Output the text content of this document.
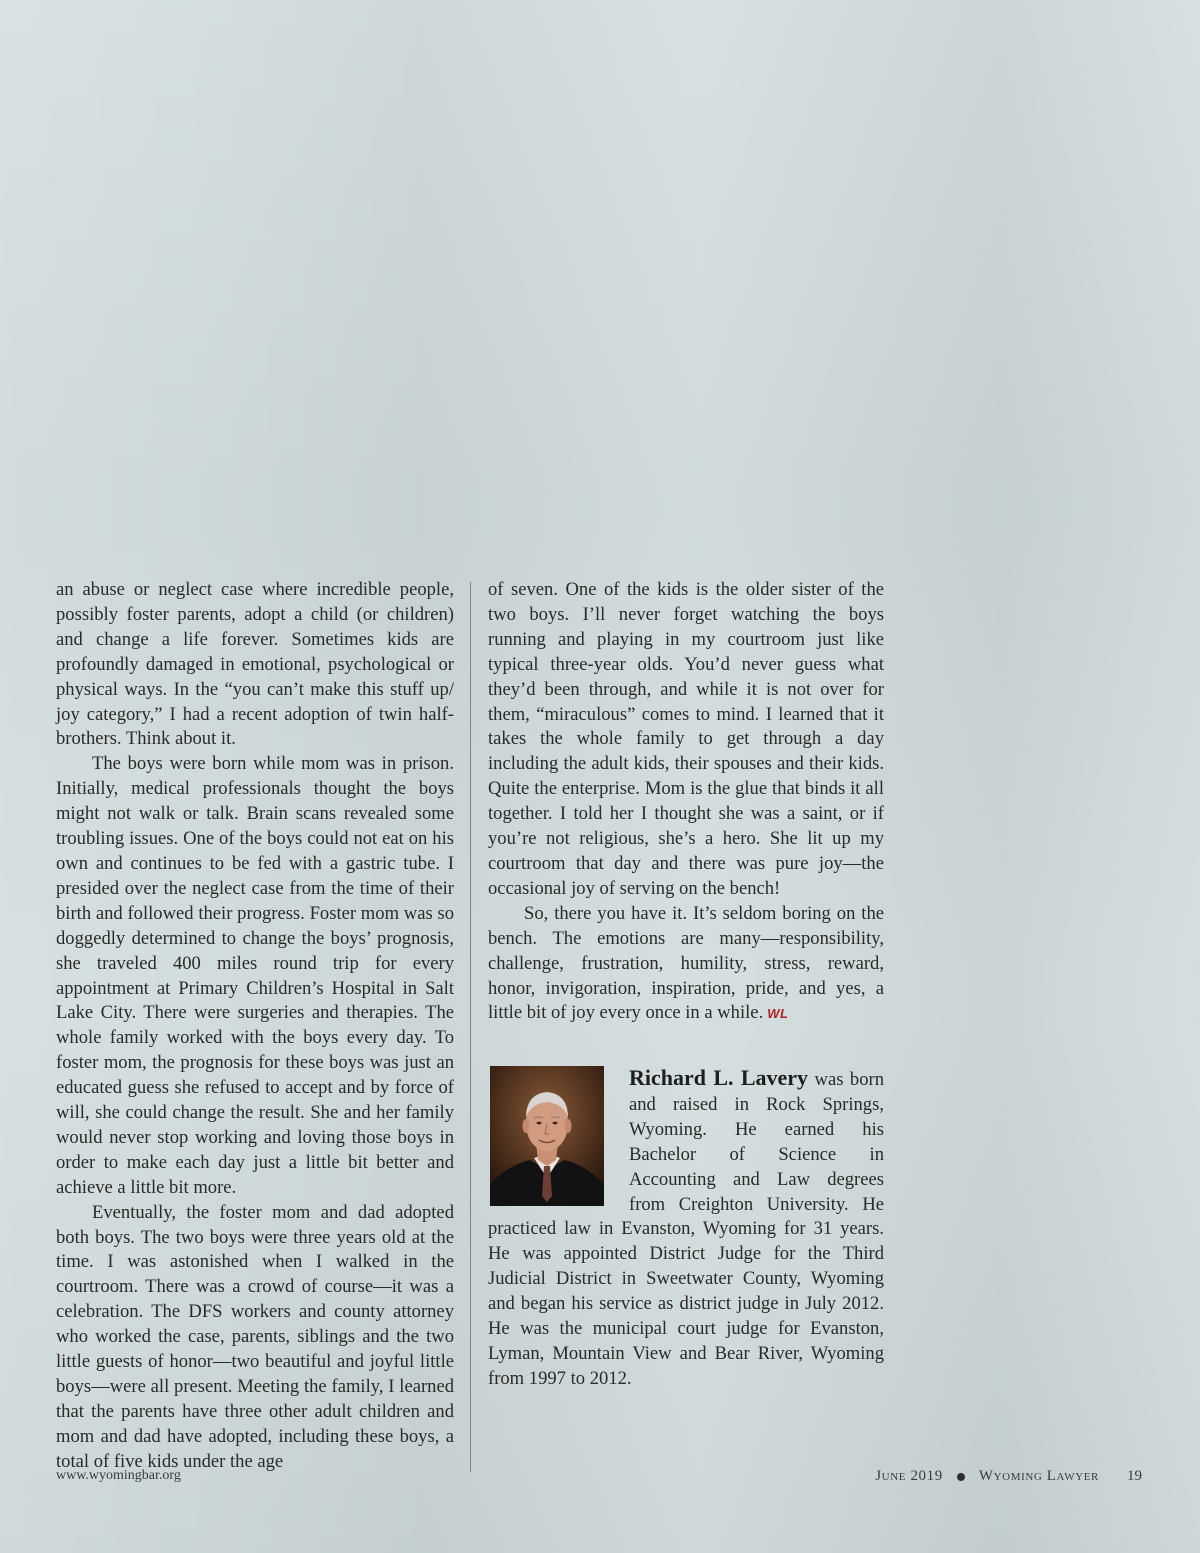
an abuse or neglect case where incredible people, possibly foster parents, adopt a child (or children) and change a life forever. Sometimes kids are profoundly damaged in emotional, psychological or physical ways. In the “you can’t make this stuff up/ joy category,” I had a recent adoption of twin half-brothers. Think about it.

The boys were born while mom was in prison. Initially, medical professionals thought the boys might not walk or talk. Brain scans revealed some troubling issues. One of the boys could not eat on his own and continues to be fed with a gastric tube. I presided over the neglect case from the time of their birth and followed their progress. Foster mom was so doggedly determined to change the boys’ prognosis, she traveled 400 miles round trip for every appointment at Primary Children’s Hospital in Salt Lake City. There were surgeries and therapies. The whole family worked with the boys every day. To foster mom, the prognosis for these boys was just an educated guess she refused to accept and by force of will, she could change the result. She and her family would never stop working and loving those boys in order to make each day just a little bit better and achieve a little bit more.

Eventually, the foster mom and dad adopted both boys. The two boys were three years old at the time. I was astonished when I walked in the courtroom. There was a crowd of course—it was a celebration. The DFS workers and county attorney who worked the case, parents, siblings and the two little guests of honor—two beautiful and joyful little boys—were all present. Meeting the family, I learned that the parents have three other adult children and mom and dad have adopted, including these boys, a total of five kids under the age

of seven. One of the kids is the older sister of the two boys. I’ll never forget watching the boys running and playing in my courtroom just like typical three-year olds. You’d never guess what they’d been through, and while it is not over for them, “miraculous” comes to mind. I learned that it takes the whole family to get through a day including the adult kids, their spouses and their kids. Quite the enterprise. Mom is the glue that binds it all together. I told her I thought she was a saint, or if you’re not religious, she’s a hero. She lit up my courtroom that day and there was pure joy—the occasional joy of serving on the bench!

So, there you have it. It’s seldom boring on the bench. The emotions are many—responsibility, challenge, frustration, humility, stress, reward, honor, invigoration, inspiration, pride, and yes, a little bit of joy every once in a while. WL

Richard L. Lavery was born and raised in Rock Springs, Wyoming. He earned his Bachelor of Science in Accounting and Law degrees from Creighton University. He practiced law in Evanston, Wyoming for 31 years. He was appointed District Judge for the Third Judicial District in Sweetwater County, Wyoming and began his service as district judge in July 2012. He was the municipal court judge for Evanston, Lyman, Mountain View and Bear River, Wyoming from 1997 to 2012.

www.wyomingbar.org	June 2019 Wyoming Lawyer 19
